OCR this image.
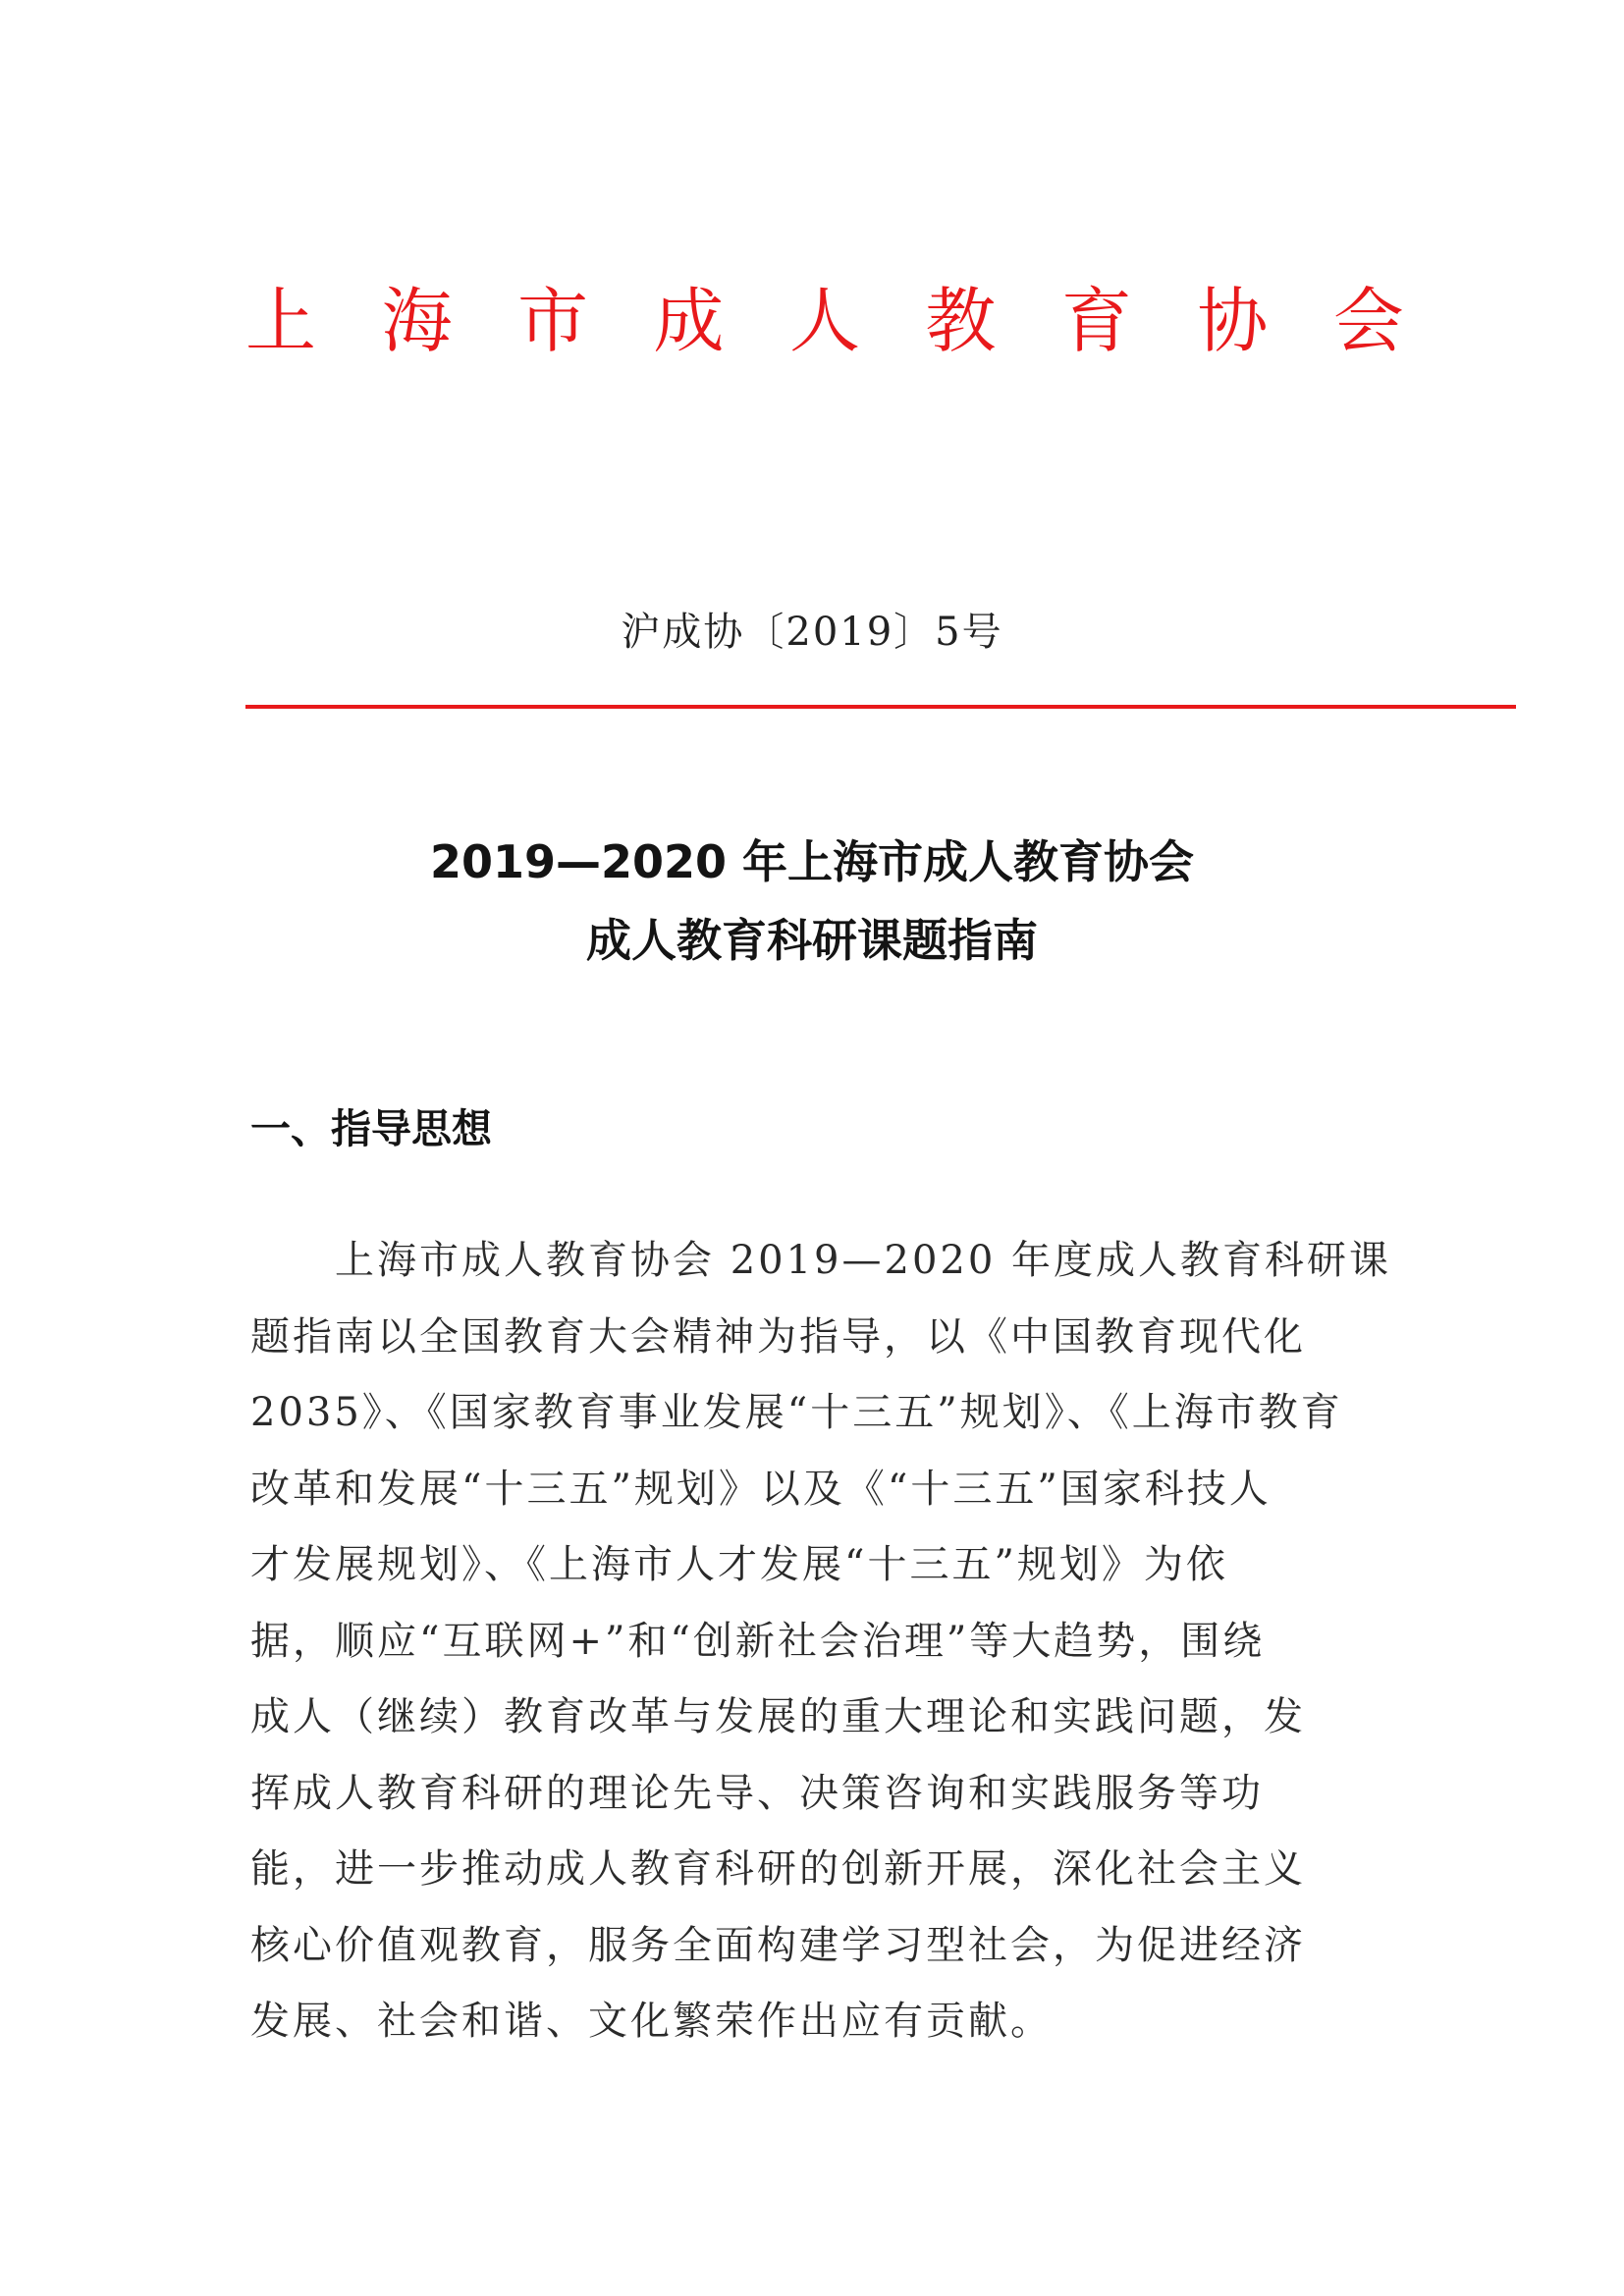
上 海 市 成 人 教 育 协 会
沪成协〔2019〕5号
2019—2020 年上海市成人教育协会
成人教育科研课题指南
一、指导思想
上海市成人教育协会 2019—2020 年度成人教育科研课
题指南以全国教育大会精神为指导，以《中国教育现代化
2035》、《国家教育事业发展“十三五”规划》、《上海市教育
改革和发展“十三五”规划》以及《“十三五”国家科技人
才发展规划》、《上海市人才发展“十三五”规划》为依
据，顺应“互联网+”和“创新社会治理”等大趋势，围绕
成人（继续）教育改革与发展的重大理论和实践问题，发
挥成人教育科研的理论先导、决策咨询和实践服务等功
能，进一步推动成人教育科研的创新开展，深化社会主义
核心价值观教育，服务全面构建学习型社会，为促进经济
发展、社会和谐、文化繁荣作出应有贡献。
